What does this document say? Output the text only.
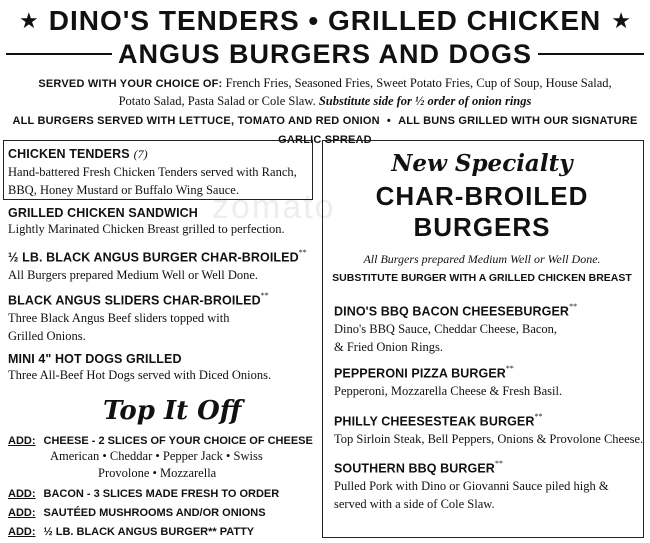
★ DINO'S TENDERS • GRILLED CHICKEN ★
ANGUS BURGERS AND DOGS
SERVED WITH YOUR CHOICE OF: French Fries, Seasoned Fries, Sweet Potato Fries, Cup of Soup, House Salad,
Potato Salad, Pasta Salad or Cole Slaw. Substitute side for ½ order of onion rings
ALL BURGERS SERVED WITH LETTUCE, TOMATO AND RED ONION • ALL BUNS GRILLED WITH OUR SIGNATURE GARLIC SPREAD
CHICKEN TENDERS (7)
Hand-battered Fresh Chicken Tenders served with Ranch,
BBQ, Honey Mustard or Buffalo Wing Sauce.
GRILLED CHICKEN SANDWICH
Lightly Marinated Chicken Breast grilled to perfection.
½ LB. BLACK ANGUS BURGER CHAR-BROILED**
All Burgers prepared Medium Well or Well Done.
BLACK ANGUS SLIDERS CHAR-BROILED**
Three Black Angus Beef sliders topped with
Grilled Onions.
MINI 4" HOT DOGS GRILLED
Three All-Beef Hot Dogs served with Diced Onions.
Top It Off
ADD: CHEESE - 2 SLICES OF YOUR CHOICE OF CHEESE
American • Cheddar • Pepper Jack • Swiss
Provolone • Mozzarella
ADD: BACON - 3 SLICES MADE FRESH TO ORDER
ADD: SAUTÉED MUSHROOMS AND/OR ONIONS
ADD: ½ LB. BLACK ANGUS BURGER** PATTY
New Specialty
CHAR-BROILED
BURGERS
All Burgers prepared Medium Well or Well Done.
SUBSTITUTE BURGER WITH A GRILLED CHICKEN BREAST
DINO'S BBQ BACON CHEESEBURGER**
Dino's BBQ Sauce, Cheddar Cheese, Bacon,
& Fried Onion Rings.
PEPPERONI PIZZA BURGER**
Pepperoni, Mozzarella Cheese & Fresh Basil.
PHILLY CHEESESTEAK BURGER**
Top Sirloin Steak, Bell Peppers, Onions & Provolone Cheese.
SOUTHERN BBQ BURGER**
Pulled Pork with Dino or Giovanni Sauce piled high &
served with a side of Cole Slaw.
zomato
